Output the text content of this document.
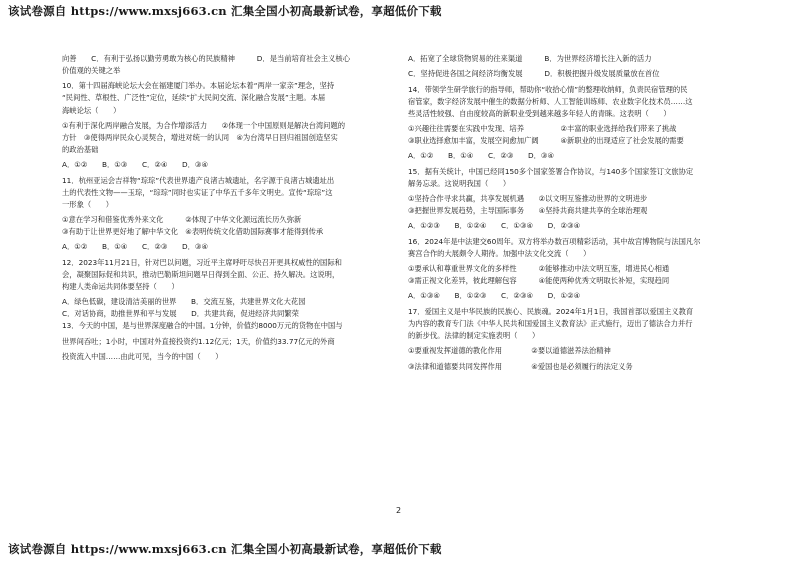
该试卷源自 https://www.mxsj663.cn 汇集全国小初高最新试卷，享超低价下载
向善　　C．有利于弘扬以勤劳勇敢为核心的民族精神　　　D．是当前培育社会主义核心
价值观的关键之举
10．第十四届海峡论坛大会在福建厦门举办。本届论坛本着“两岸一家亲”理念，坚持
“民间性、草根性、广泛性”定位，延续“扩大民间交流、深化融合发展”主题。本届
海峡论坛（　　）
①有利于深化两岸融合发展，为合作增添活力　　②体现一个中国原则是解决台湾问题的
方针　③使得两岸民众心灵契合，增进对统一的认同　④为台湾早日回归祖国创造坚实
的政治基础
A．①②　　B．①③　　C．②④　　D．③④
11．杭州亚运会吉祥物“琮琮”代表世界遗产良渚古城遗址，名字源于良渚古城遗址出
土的代表性文物——玉琮，“琮琮”同时也实证了中华五千多年文明史。宣传“琮琮”这
一形象（　　）
①意在学习和借鉴优秀外来文化　　　②体现了中华文化源远流长历久弥新
③有助于让世界更好地了解中华文化　④表明传统文化借助国际赛事才能得到传承
A．①②　　B．①④　　C．②③　　D．③④
12．2023年11月21日，针对巴以问题，习近平主席呼吁尽快召开更具权威性的国际和
会，凝聚国际促和共识，推动巴勒斯坦问题早日得到全面、公正、持久解决。这说明，
构建人类命运共同体要坚持（　　）
A．绿色低碳，建设清洁美丽的世界　　B．交流互鉴，共建世界文化大花园
C．对话协商，助推世界和平与发展　　D．共建共商，促进经济共同繁荣
13．今天的中国，是与世界深度融合的中国。1分钟，价值约8000万元的货物在中国与
世界间吞吐；1小时，中国对外直接投资约1.12亿元；1天，价值约33.77亿元的外商
投资流入中国……由此可见，当今的中国（　　）
A．拓宽了全球货物贸易的往来渠道　　　B．为世界经济增长注入新的活力
C．坚持促进各国之间经济均衡发展　　　D．积极把握升级发展质量放在首位
14．带领学生研学旅行的指导师，帮助你“收拾心情”的整理收纳师，负责民宿管理的民
宿管家，数字经济发展中催生的数据分析师、人工智能训练师、农业数字化技术员……这
些灵活性较强、自由度较高的新职业受到越来越多年轻人的青睐。这表明（　　）
①兴趣往往需要在实践中发现、培养　　　　　②丰富的职业选择给我们带来了挑战
③职业选择愈加丰富，发展空间愈加广阔　　　④新职业的出现适应了社会发展的需要
A．①②　　B．①④　　C．②③　　D．③④
15．据有关统计，中国已经同150多个国家签署合作协议，与140多个国家签订文旅协定
解务忘录。这说明我国（　　）
①坚持合作寻求共赢，共享发展机遇　　②以文明互鉴推动世界的文明进步
③把握世界发展趋势，主导国际事务　　④坚持共商共建共享的全球治理观
A．①②③　　B．①②④　　C．①③④　　D．②③④
16．2024年是中法建交60周年。双方将举办数百项精彩活动，其中故宫博物院与法国凡尔
赛宫合作的大展颇令人期待。加强中法文化交流（　　）
①要承认和尊重世界文化的多样性　　　②能够推动中法文明互鉴，增进民心相通
③需正视文化差异，彼此理解包容　　　④能使两种优秀文明取长补短，实现趋同
A．①③④　　B．①②③　　C．②③④　　D．①②④
17．爱国主义是中华民族的民族心、民族魂。2024年1月1日，我国首部以爱国主义教育
为内容的教育专门法《中华人民共和国爱国主义教育法》正式施行，迈出了德法合力并行
的新步伐。法律的制定实施表明（　　）
①要重视发挥道德的教化作用　　　　②要以道德滋养法治精神
③法律和道德要共同发挥作用　　　　④爱国也是必须履行的法定义务
2
该试卷源自 https://www.mxsj663.cn 汇集全国小初高最新试卷，享超低价下载
